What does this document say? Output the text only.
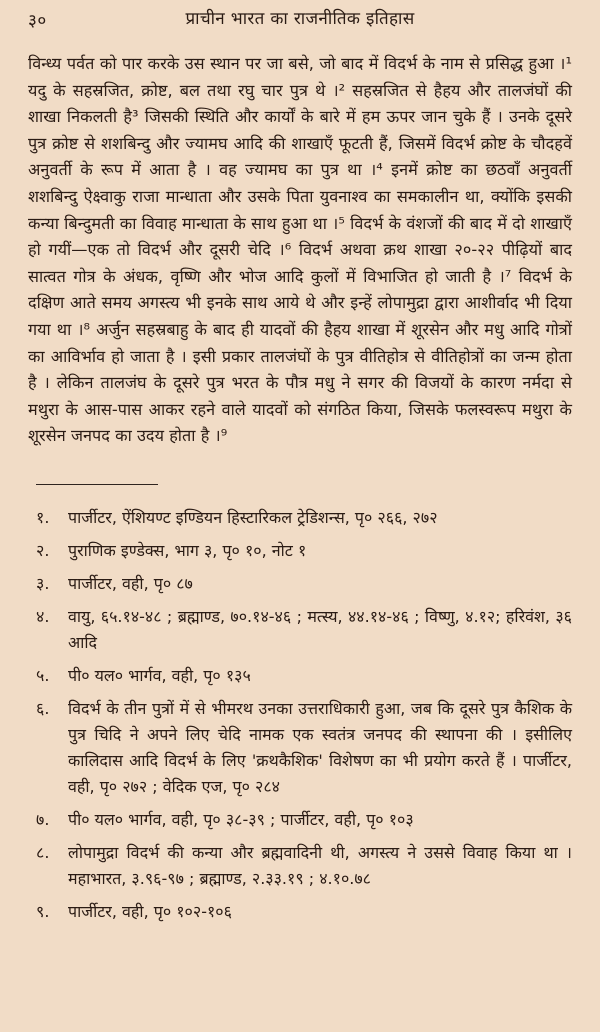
३०	प्राचीन भारत का राजनीतिक इतिहास
विन्ध्य पर्वत को पार करके उस स्थान पर जा बसे, जो बाद में विदर्भ के नाम से प्रसिद्ध हुआ ।¹ यदु के सहस्रजित, क्रोष्ट, बल तथा रघु चार पुत्र थे ।² सहस्रजित से हैहय और तालजंघों की शाखा निकलती है³ जिसकी स्थिति और कार्यों के बारे में हम ऊपर जान चुके हैं । उनके दूसरे पुत्र क्रोष्ट से शशबिन्दु और ज्यामघ आदि की शाखाएँ फूटती हैं, जिसमें विदर्भ क्रोष्ट के चौदहवें अनुवर्ती के रूप में आता है । वह ज्यामघ का पुत्र था ।⁴ इनमें क्रोष्ट का छठवाँ अनुवर्ती शशबिन्दु ऐक्ष्वाकु राजा मान्धाता और उसके पिता युवनाश्व का समकालीन था, क्योंकि इसकी कन्या बिन्दुमती का विवाह मान्धाता के साथ हुआ था ।⁵ विदर्भ के वंशजों की बाद में दो शाखाएँ हो गयीं—एक तो विदर्भ और दूसरी चेदि ।⁶ विदर्भ अथवा क्रथ शाखा २०-२२ पीढ़ियों बाद सात्वत गोत्र के अंधक, वृष्णि और भोज आदि कुलों में विभाजित हो जाती है ।⁷ विदर्भ के दक्षिण आते समय अगस्त्य भी इनके साथ आये थे और इन्हें लोपामुद्रा द्वारा आशीर्वाद भी दिया गया था ।⁸ अर्जुन सहस्रबाहु के बाद ही यादवों की हैहय शाखा में शूरसेन और मधु आदि गोत्रों का आविर्भाव हो जाता है । इसी प्रकार तालजंघों के पुत्र वीतिहोत्र से वीतिहोत्रों का जन्म होता है । लेकिन तालजंघ के दूसरे पुत्र भरत के पौत्र मधु ने सगर की विजयों के कारण नर्मदा से मथुरा के आस-पास आकर रहने वाले यादवों को संगठित किया, जिसके फलस्वरूप मथुरा के शूरसेन जनपद का उदय होता है ।⁹
१.	पार्जीटर, ऐंशियण्ट इण्डियन हिस्टारिकल ट्रेडिशन्स, पृ० २६६, २७२
२.	पुराणिक इण्डेक्स, भाग ३, पृ० १०, नोट १
३.	पार्जीटर, वही, पृ० ८७
४.	वायु, ६५.१४-४८ ; ब्रह्माण्ड, ७०.१४-४६ ; मत्स्य, ४४.१४-४६ ; विष्णु, ४.१२; हरिवंश, ३६ आदि
५.	पी० यल० भार्गव, वही, पृ० १३५
६.	विदर्भ के तीन पुत्रों में से भीमरथ उनका उत्तराधिकारी हुआ, जब कि दूसरे पुत्र कैशिक के पुत्र चिदि ने अपने लिए चेदि नामक एक स्वतंत्र जनपद की स्थापना की । इसीलिए कालिदास आदि विदर्भ के लिए 'क्रथकैशिक' विशेषण का भी प्रयोग करते हैं । पार्जीटर, वही, पृ० २७२ ; वेदिक एज, पृ० २८४
७.	पी० यल० भार्गव, वही, पृ० ३८-३९ ; पार्जीटर, वही, पृ० १०३
८.	लोपामुद्रा विदर्भ की कन्या और ब्रह्मवादिनी थी, अगस्त्य ने उससे विवाह किया था । महाभारत, ३.९६-९७ ; ब्रह्माण्ड, २.३३.१९ ; ४.१०.७८
९.	पार्जीटर, वही, पृ० १०२-१०६
